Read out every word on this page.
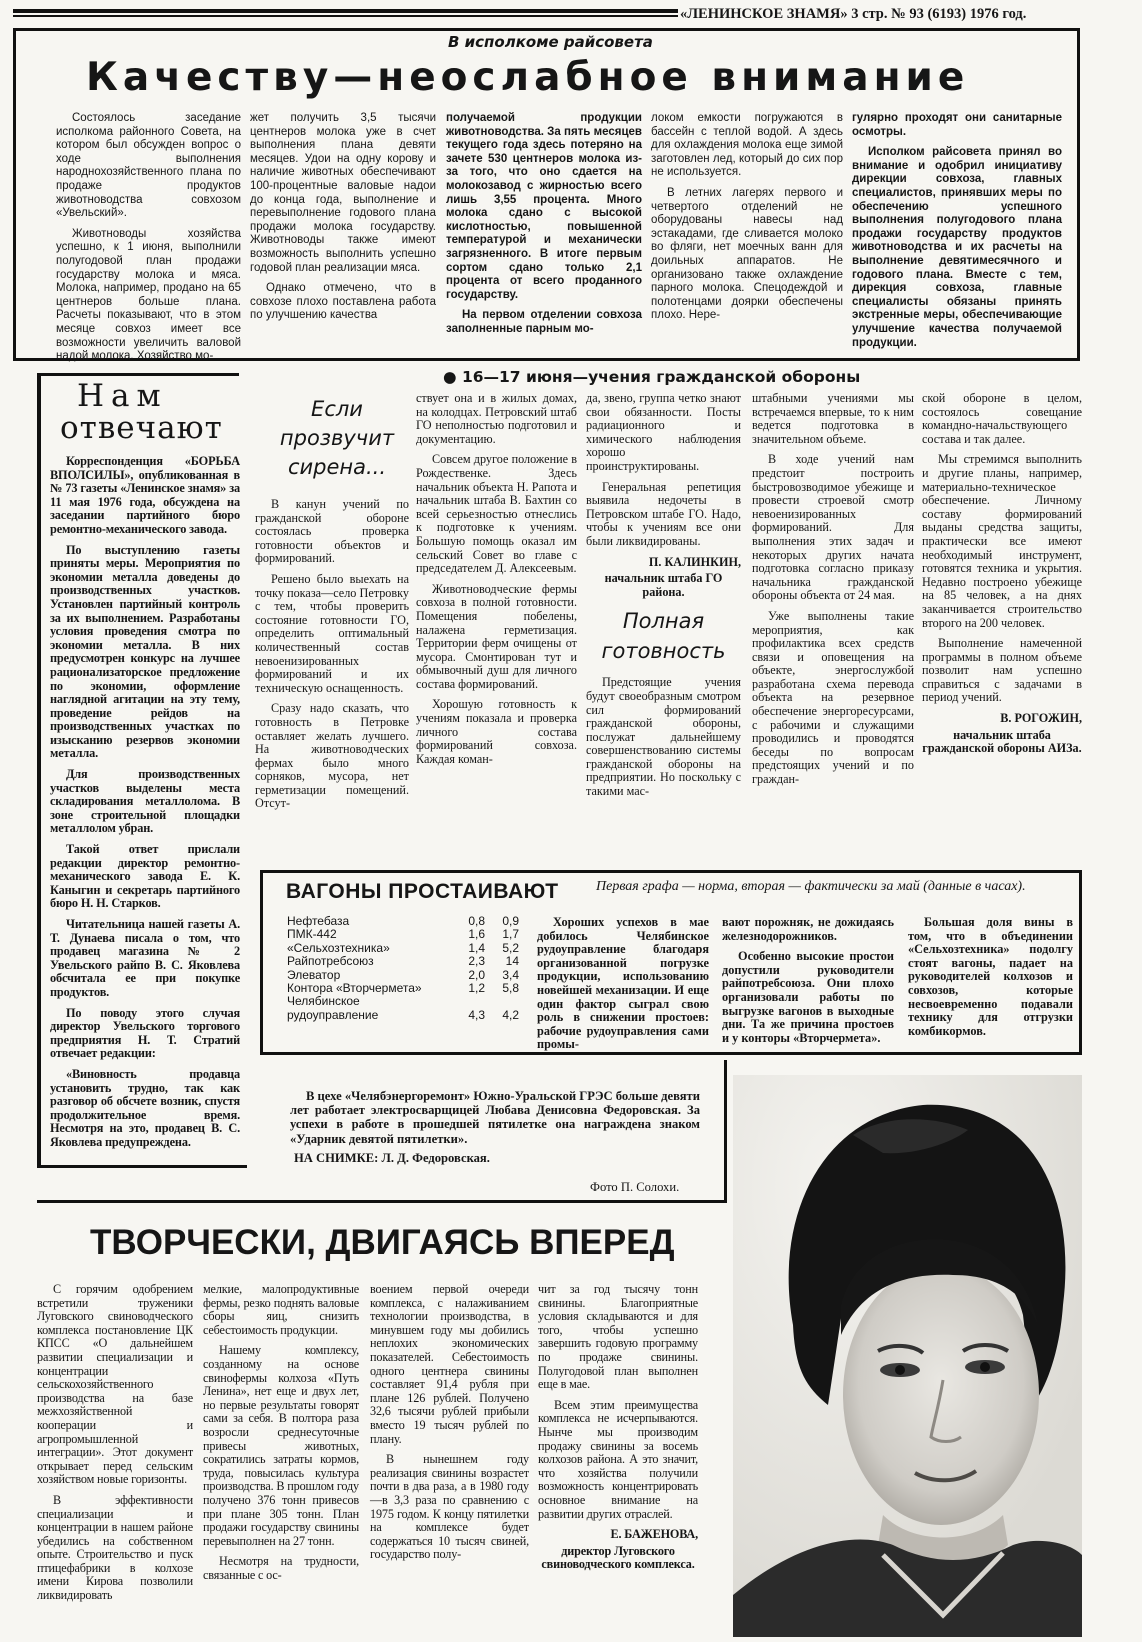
«ЛЕНИНСКОЕ ЗНАМЯ» 3 стр. № 93 (6193) 1976 год.
В исполкоме райсовета
Качеству—неослабное внимание

Состоялось заседание исполкома районного Совета, на котором был обсужден вопрос о ходе выполнения народнохозяйственного плана по продаже продуктов животноводства совхозом «Увельский».

Животноводы хозяйства успешно, к 1 июня, выполнили полугодовой план продажи государству молока и мяса. Молока, например, продано на 65 центнеров больше плана. Расчеты показывают, что в этом месяце совхоз имеет все возможности увеличить валовой надой молока. Хозяйство мо-

жет получить 3,5 тысячи центнеров молока уже в счет выполнения плана девяти месяцев. Удои на одну корову и наличие животных обеспечивают 100-процентные валовые надои до конца года, выполнение и перевыполнение годового плана продажи молока государству. Животноводы также имеют возможность выполнить успешно годовой план реализации мяса.

Однако отмечено, что в совхозе плохо поставлена работа по улучшению качества

получаемой продукции животноводства. За пять месяцев текущего года здесь потеряно на зачете 530 центнеров молока из-за того, что оно сдается на молокозавод с жирностью всего лишь 3,55 процента. Много молока сдано с высокой кислотностью, повышенной температурой и механически загрязненного. В итоге первым сортом сдано только 2,1 процента от всего проданного государству.

На первом отделении совхоза заполненные парным мо-

локом емкости погружаются в бассейн с теплой водой. А здесь для охлаждения молока еще зимой заготовлен лед, который до сих пор не используется.

В летних лагерях первого и четвертого отделений не оборудованы навесы над эстакадами, где сливается молоко во фляги, нет моечных ванн для доильных аппаратов. Не организовано также охлаждение парного молока. Спецодеждой и полотенцами доярки обеспечены плохо. Нере-

гулярно проходят они санитарные осмотры.

Исполком райсовета принял во внимание и одобрил инициативу дирекции совхоза, главных специалистов, принявших меры по обеспечению успешного выполнения полугодового плана продажи государству продуктов животноводства и их расчеты на выполнение девятимесячного и годового плана. Вместе с тем, дирекция совхоза, главные специалисты обязаны принять экстренные меры, обеспечивающие улучшение качества получаемой продукции.

Нам
отвечают

Корреспонденция «БОРЬБА ВПОЛСИЛЫ», опубликованная в № 73 газеты «Ленинское знамя» за 11 мая 1976 года, обсуждена на заседании партийного бюро ремонтно-механического завода.

По выступлению газеты приняты меры. Мероприятия по экономии металла доведены до производственных участков. Установлен партийный контроль за их выполнением. Разработаны условия проведения смотра по экономии металла. В них предусмотрен конкурс на лучшее рационализаторское предложение по экономии, оформление наглядной агитации на эту тему, проведение рейдов на производственных участках по изысканию резервов экономии металла.

Для производственных участков выделены места складирования металлолома. В зоне строительной площадки металлолом убран.

Такой ответ прислали редакции директор ремонтно-механического завода Е. К. Каныгин и секретарь партийного бюро Н. Н. Старков.

Читательница нашей газеты А. Т. Дунаева писала о том, что продавец магазина № 2 Увельского райпо В. С. Яковлева обсчитала ее при покупке продуктов.

По поводу этого случая директор Увельского торгового предприятия Н. Т. Стратий отвечает редакции:

«Виновность продавца установить трудно, так как разговор об обсчете возник, спустя продолжительное время. Несмотря на это, продавец В. С. Яковлева предупреждена.

● 16—17 июня—учения гражданской обороны
Если
прозвучит
сирена...

В канун учений по гражданской обороне состоялась проверка готовности объектов и формирований.

Решено было выехать на точку показа—село Петровку с тем, чтобы проверить состояние готовности ГО, определить оптимальный количественный состав невоенизированных формирований и их техническую оснащенность.

Сразу надо сказать, что готовность в Петровке оставляет желать лучшего. На животноводческих фермах было много сорняков, мусора, нет герметизации помещений. Отсут-

ствует она и в жилых домах, на колодцах. Петровский штаб ГО неполностью подготовил и документацию.

Совсем другое положение в Рождественке. Здесь начальник объекта Н. Рапота и начальник штаба В. Бахтин со всей серьезностью отнеслись к подготовке к учениям. Большую помощь оказал им сельский Совет во главе с председателем Д. Алексеевым.

Животноводческие фермы совхоза в полной готовности. Помещения побелены, налажена герметизация. Территории ферм очищены от мусора. Смонтирован тут и обмывочный душ для личного состава формирований.

Хорошую готовность к учениям показала и проверка личного состава формирований совхоза. Каждая коман-

да, звено, группа четко знают свои обязанности. Посты радиационного и химического наблюдения хорошо проинструктированы.

Генеральная репетиция выявила недочеты в Петровском штабе ГО. Надо, чтобы к учениям все они были ликвидированы.

П. КАЛИНКИН,

начальник штаба ГО района.

Полная
готовность

Предстоящие учения будут своеобразным смотром сил формирований гражданской обороны, послужат дальнейшему совершенствованию системы гражданской обороны на предприятии. Но поскольку с такими мас-

штабными учениями мы встречаемся впервые, то к ним ведется подготовка в значительном объеме.

В ходе учений нам предстоит построить быстровозводимое убежище и провести строевой смотр невоенизированных формирований. Для выполнения этих задач и некоторых других начата подготовка согласно приказу начальника гражданской обороны объекта от 24 мая.

Уже выполнены такие мероприятия, как профилактика всех средств связи и оповещения на объекте, энергослужбой разработана схема перевода объекта на резервное обеспечение энергоресурсами, с рабочими и служащими проводились и проводятся беседы по вопросам предстоящих учений и по граждан-

ской обороне в целом, состоялось совещание командно-начальствующего состава и так далее.

Мы стремимся выполнить и другие планы, например, материально-техническое обеспечение. Личному составу формирований выданы средства защиты, практически все имеют необходимый инструмент, готовятся техника и укрытия. Недавно построено убежище на 85 человек, а на днях заканчивается строительство второго на 200 человек.

Выполнение намеченной программы в полном объеме позволит нам успешно справиться с задачами в период учений.

В. РОГОЖИН,

начальник штаба гражданской обороны АИЗа.

ВАГОНЫ ПРОСТАИВАЮТ	Первая графа — норма, вторая — фактически за май (данные в часах).
Нефтебаза	0,8	0,9
ПМК-442	1,6	1,7
«Сельхозтехника»	1,4	5,2
Райпотребсоюз	2,3	14
Элеватор	2,0	3,4
Контора «Вторчермета»	1,2	5,8
Челябинское		
рудоуправление	4,3	4,2

Хороших успехов в мае добилось Челябинское рудоуправление благодаря организованной погрузке продукции, использованию новейшей механизации. И еще один фактор сыграл свою роль в снижении простоев: рабочие рудоуправления сами промы-

вают порожняк, не дожидаясь железнодорожников.

Особенно высокие простои допустили руководители райпотребсоюза. Они плохо организовали работы по выгрузке вагонов в выходные дни. Та же причина простоев и у конторы «Вторчермета».

Большая доля вины в том, что в объединении «Сельхозтехника» подолгу стоят вагоны, падает на руководителей колхозов и совхозов, которые несвоевременно подавали технику для отгрузки комбикормов.

В цехе «Челябэнергоремонт» Южно-Уральской ГРЭС больше девяти лет работает электросварщицей Любава Денисовна Федоровская. За успехи в работе в прошедшей пятилетке она награждена знаком «Ударник девятой пятилетки».

НА СНИМКЕ: Л. Д. Федоровская.
Фото П. Солохи.
ТВОРЧЕСКИ, ДВИГАЯСЬ ВПЕРЕД

С горячим одобрением встретили труженики Луговского свиноводческого комплекса постановление ЦК КПСС «О дальнейшем развитии специализации и концентрации сельскохозяйственного производства на базе межхозяйственной кооперации и агропромышленной интеграции». Этот документ открывает перед сельским хозяйством новые горизонты.

В эффективности специализации и концентрации в нашем районе убедились на собственном опыте. Строительство и пуск птицефабрики в колхозе имени Кирова позволили ликвидировать

мелкие, малопродуктивные фермы, резко поднять валовые сборы яиц, снизить себестоимость продукции.

Нашему комплексу, созданному на основе свинофермы колхоза «Путь Ленина», нет еще и двух лет, но первые результаты говорят сами за себя. В полтора раза возросли среднесуточные привесы животных, сократились затраты кормов, труда, повысилась культура производства. В прошлом году получено 376 тонн привесов при плане 305 тонн. План продажи государству свинины перевыполнен на 27 тонн.

Несмотря на трудности, связанные с ос-

воением первой очереди комплекса, с налаживанием технологии производства, в минувшем году мы добились неплохих экономических показателей. Себестоимость одного центнера свинины составляет 91,4 рубля при плане 126 рублей. Получено 32,6 тысячи рублей прибыли вместо 19 тысяч рублей по плану.

В нынешнем году реализация свинины возрастет почти в два раза, а в 1980 году—в 3,3 раза по сравнению с 1975 годом. К концу пятилетки на комплексе будет содержаться 10 тысяч свиней, государство полу-

чит за год тысячу тонн свинины. Благоприятные условия складываются и для того, чтобы успешно завершить годовую программу по продаже свинины. Полугодовой план выполнен еще в мае.

Всем этим преимущества комплекса не исчерпываются. Нынче мы производим продажу свинины за восемь колхозов района. А это значит, что хозяйства получили возможность концентрировать основное внимание на развитии других отраслей.

Е. БАЖЕНОВА,

директор Луговского свиноводческого комплекса.
